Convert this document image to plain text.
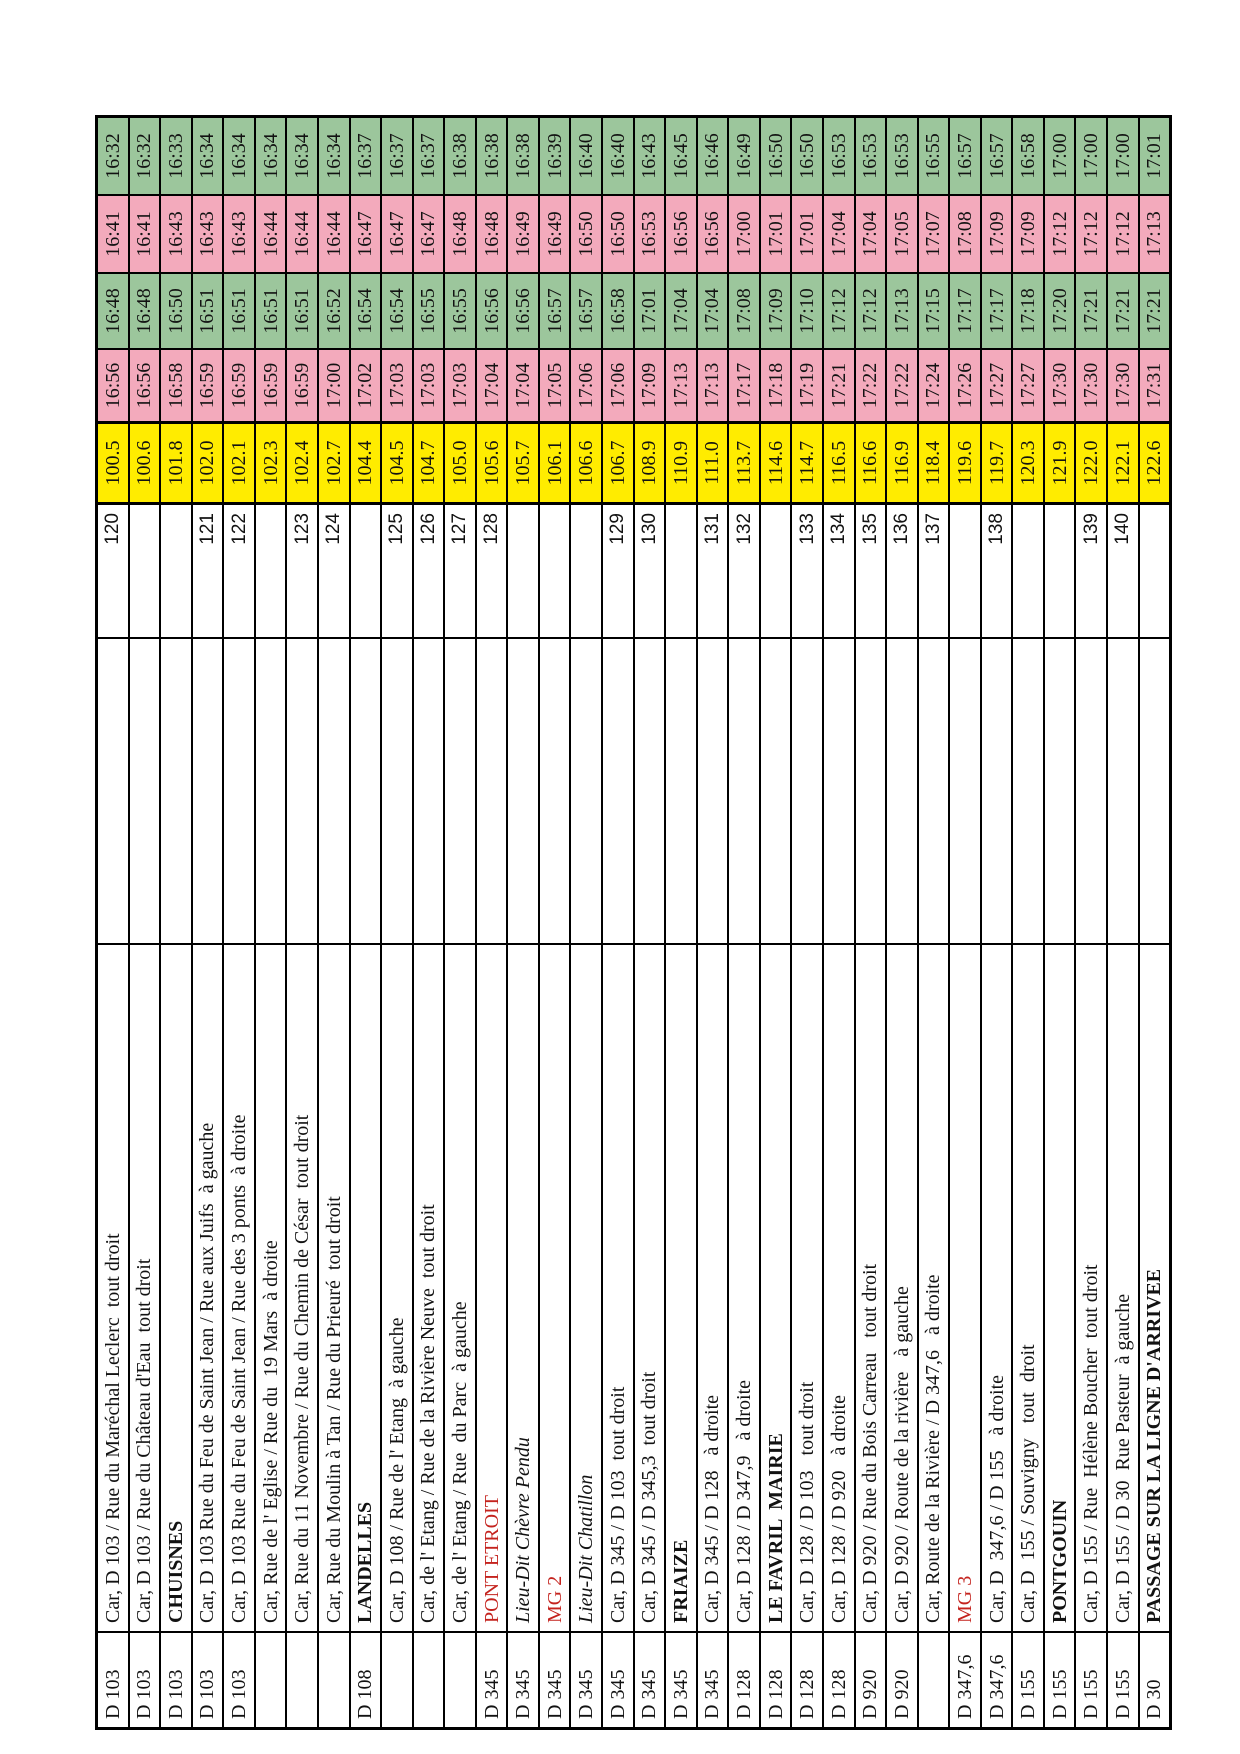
D 103
Car, D 103 / Rue du Maréchal Leclerc  tout droit
120
100.5
16:56
16:48
16:41
16:32
D 103
Car, D 103 / Rue du Château d'Eau  tout droit
100.6
16:56
16:48
16:41
16:32
D 103
CHUISNES
101.8
16:58
16:50
16:43
16:33
D 103
Car, D 103 Rue du Feu de Saint Jean / Rue aux Juifs  à gauche
121
102.0
16:59
16:51
16:43
16:34
D 103
Car, D 103 Rue du Feu de Saint Jean / Rue des 3 ponts  à droite
122
102.1
16:59
16:51
16:43
16:34
Car, Rue de l' Eglise / Rue du  19 Mars  à droite
102.3
16:59
16:51
16:44
16:34
Car, Rue du 11 Novembre / Rue du Chemin de César  tout droit
123
102.4
16:59
16:51
16:44
16:34
Car, Rue du Moulin à Tan / Rue du Prieuré  tout droit
124
102.7
17:00
16:52
16:44
16:34
D 108
LANDELLES
104.4
17:02
16:54
16:47
16:37
Car, D 108 / Rue de l' Etang  à gauche
125
104.5
17:03
16:54
16:47
16:37
Car, de l' Etang / Rue de la Rivière Neuve  tout droit
126
104.7
17:03
16:55
16:47
16:37
Car, de l' Etang / Rue  du Parc  à gauche
127
105.0
17:03
16:55
16:48
16:38
D 345
PONT ETROIT
128
105.6
17:04
16:56
16:48
16:38
D 345
Lieu-Dit Chèvre Pendu
105.7
17:04
16:56
16:49
16:38
D 345
MG 2
106.1
17:05
16:57
16:49
16:39
D 345
Lieu-Dit Chatillon
106.6
17:06
16:57
16:50
16:40
D 345
Car, D 345 / D 103  tout droit
129
106.7
17:06
16:58
16:50
16:40
D 345
Car, D 345 / D 345,3  tout droit
130
108.9
17:09
17:01
16:53
16:43
D 345
FRIAIZE
110.9
17:13
17:04
16:56
16:45
D 345
Car, D 345 / D 128   à droite
131
111.0
17:13
17:04
16:56
16:46
D 128
Car, D 128 / D 347,9   à droite
132
113.7
17:17
17:08
17:00
16:49
D 128
LE FAVRIL  MAIRIE
114.6
17:18
17:09
17:01
16:50
D 128
Car, D 128 / D 103   tout droit
133
114.7
17:19
17:10
17:01
16:50
D 128
Car, D 128 / D 920   à droite
134
116.5
17:21
17:12
17:04
16:53
D 920
Car, D 920 / Rue du Bois Carreau   tout droit
135
116.6
17:22
17:12
17:04
16:53
D 920
Car, D 920 / Route de la rivière   à gauche
136
116.9
17:22
17:13
17:05
16:53
Car, Route de la Rivière / D 347,6   à droite
137
118.4
17:24
17:15
17:07
16:55
D 347,6
MG 3
119.6
17:26
17:17
17:08
16:57
D 347,6
Car, D  347,6 / D 155   à droite
138
119.7
17:27
17:17
17:09
16:57
D 155
Car, D  155 / Souvigny   tout  droit
120.3
17:27
17:18
17:09
16:58
D 155
PONTGOUIN
121.9
17:30
17:20
17:12
17:00
D 155
Car, D 155 / Rue  Hélène Boucher  tout droit
139
122.0
17:30
17:21
17:12
17:00
D 155
Car, D 155 / D 30  Rue Pasteur  à gauche
140
122.1
17:30
17:21
17:12
17:00
D 30
PASSAGE SUR LA LIGNE D'ARRIVEE
122.6
17:31
17:21
17:13
17:01
